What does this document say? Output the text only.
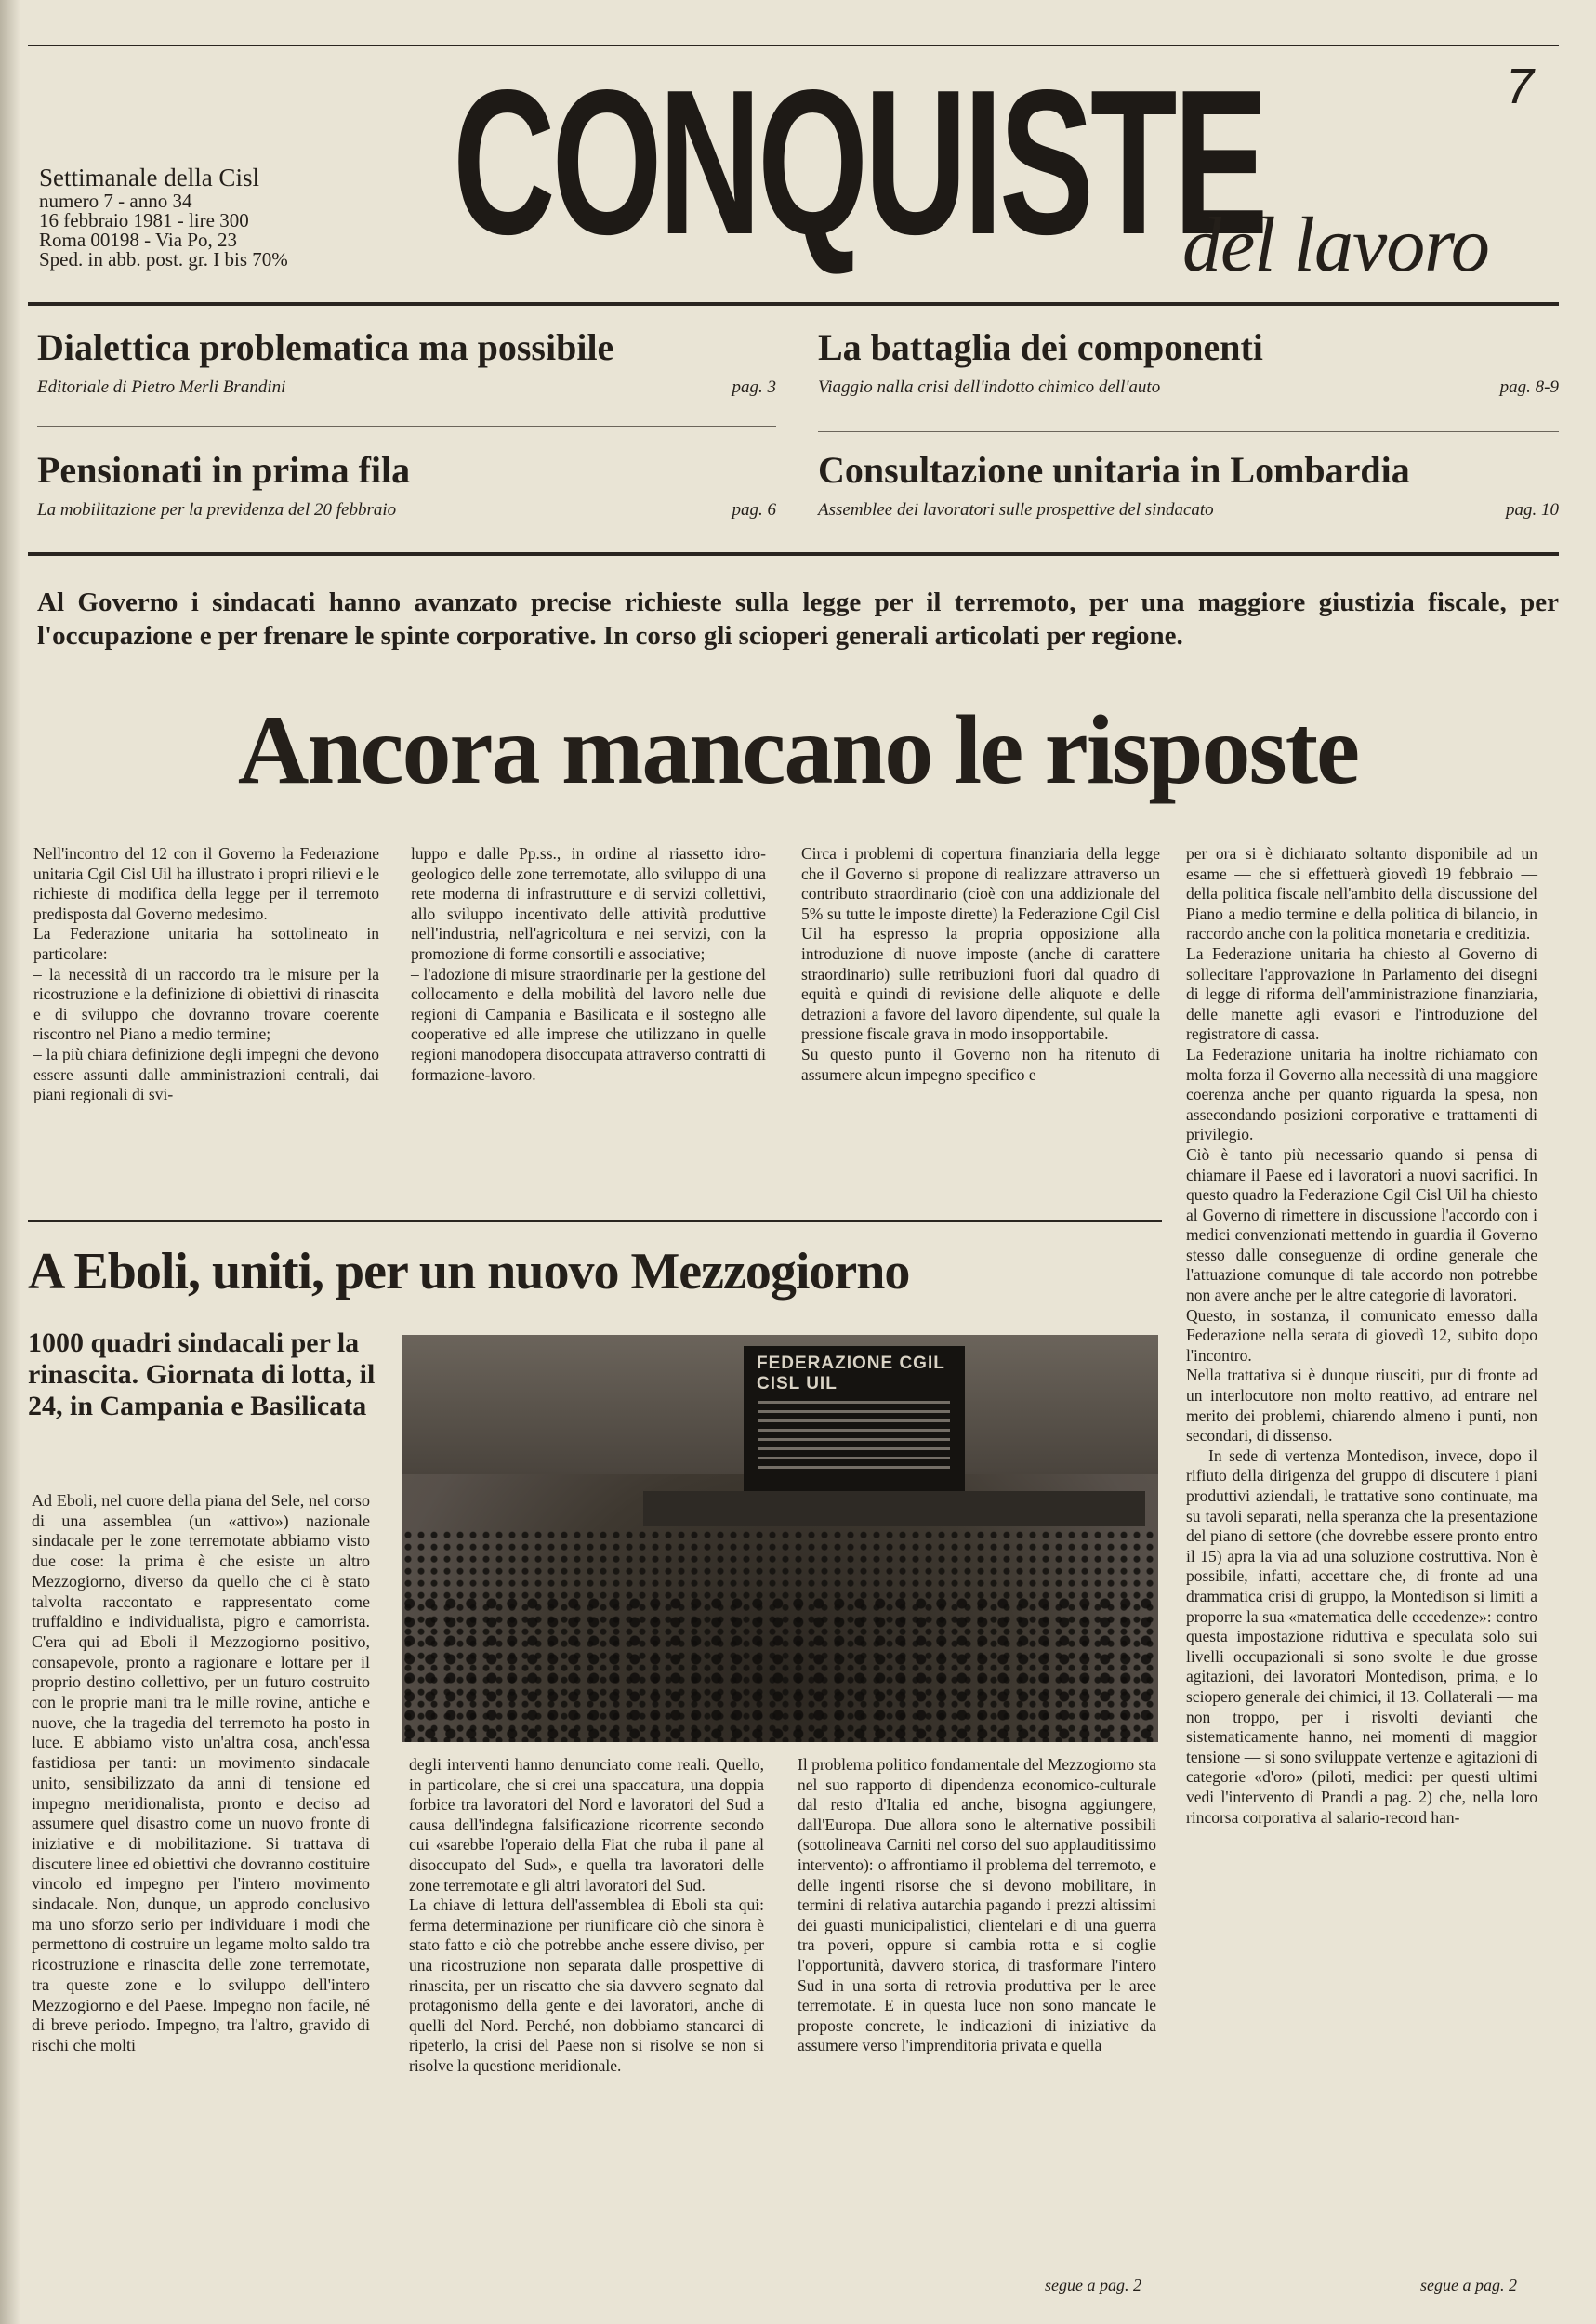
Settimanale della Cisl
numero 7 - anno 34
16 febbraio 1981 - lire 300
Roma 00198 - Via Po, 23
Sped. in abb. post. gr. I bis 70% CONQUISTE
del lavoro
7
Dialettica problematica ma possibile
Editoriale di Pietro Merli Brandini	pag. 3
La battaglia dei componenti
Viaggio nalla crisi dell'indotto chimico dell'auto	pag. 8-9
Pensionati in prima fila
La mobilitazione per la previdenza del 20 febbraio	pag. 6
Consultazione unitaria in Lombardia
Assemblee dei lavoratori sulle prospettive del sindacato	pag. 10
Al Governo i sindacati hanno avanzato precise richieste sulla legge per il terremoto, per una maggiore giustizia fiscale, per l'occupazione e per frenare le spinte corporative. In corso gli scioperi generali articolati per regione.
Ancora mancano le risposte

Nell'incontro del 12 con il Governo la Federazione unitaria Cgil Cisl Uil ha illustrato i propri rilievi e le richieste di modifica della legge per il terremoto predisposta dal Governo medesimo.

La Federazione unitaria ha sottolineato in particolare:

– la necessità di un raccordo tra le misure per la ricostruzione e la definizione di obiettivi di rinascita e di sviluppo che dovranno trovare coerente riscontro nel Piano a medio termine;

– la più chiara definizione degli impegni che devono essere assunti dalle amministrazioni centrali, dai piani regionali di svi-

luppo e dalle Pp.ss., in ordine al riassetto idro-geologico delle zone terremotate, allo sviluppo di una rete moderna di infrastrutture e di servizi collettivi, allo sviluppo incentivato delle attività produttive nell'industria, nell'agricoltura e nei servizi, con la promozione di forme consortili e associative;

– l'adozione di misure straordinarie per la gestione del collocamento e della mobilità del lavoro nelle due regioni di Campania e Basilicata e il sostegno alle cooperative ed alle imprese che utilizzano in quelle regioni manodopera disoccupata attraverso contratti di formazione-lavoro.

Circa i problemi di copertura finanziaria della legge che il Governo si propone di realizzare attraverso un contributo straordinario (cioè con una addizionale del 5% su tutte le imposte dirette) la Federazione Cgil Cisl Uil ha espresso la propria opposizione alla introduzione di nuove imposte (anche di carattere straordinario) sulle retribuzioni fuori dal quadro di equità e quindi di revisione delle aliquote e delle detrazioni a favore del lavoro dipendente, sul quale la pressione fiscale grava in modo insopportabile.

Su questo punto il Governo non ha ritenuto di assumere alcun impegno specifico e

per ora si è dichiarato soltanto disponibile ad un esame — che si effettuerà giovedì 19 febbraio — della politica fiscale nell'ambito della discussione del Piano a medio termine e della politica di bilancio, in raccordo anche con la politica monetaria e creditizia.

La Federazione unitaria ha chiesto al Governo di sollecitare l'approvazione in Parlamento dei disegni di legge di riforma dell'amministrazione finanziaria, delle manette agli evasori e l'introduzione del registratore di cassa.

La Federazione unitaria ha inoltre richiamato con molta forza il Governo alla necessità di una maggiore coerenza anche per quanto riguarda la spesa, non assecondando posizioni corporative e trattamenti di privilegio.

Ciò è tanto più necessario quando si pensa di chiamare il Paese ed i lavoratori a nuovi sacrifici. In questo quadro la Federazione Cgil Cisl Uil ha chiesto al Governo di rimettere in discussione l'accordo con i medici convenzionati mettendo in guardia il Governo stesso dalle conseguenze di ordine generale che l'attuazione comunque di tale accordo non potrebbe non avere anche per le altre categorie di lavoratori.

Questo, in sostanza, il comunicato emesso dalla Federazione nella serata di giovedì 12, subito dopo l'incontro.

Nella trattativa si è dunque riusciti, pur di fronte ad un interlocutore non molto reattivo, ad entrare nel merito dei problemi, chiarendo almeno i punti, non secondari, di dissenso.

In sede di vertenza Montedison, invece, dopo il rifiuto della dirigenza del gruppo di discutere i piani produttivi aziendali, le trattative sono continuate, ma su tavoli separati, nella speranza che la presentazione del piano di settore (che dovrebbe essere pronto entro il 15) apra la via ad una soluzione costruttiva. Non è possibile, infatti, accettare che, di fronte ad una drammatica crisi di gruppo, la Montedison si limiti a proporre la sua «matematica delle eccedenze»: contro questa impostazione riduttiva e speculata solo sui livelli occupazionali si sono svolte le due grosse agitazioni, dei lavoratori Montedison, prima, e lo sciopero generale dei chimici, il 13. Collaterali — ma non troppo, per i risvolti devianti che sistematicamente hanno, nei momenti di maggior tensione — si sono sviluppate vertenze e agitazioni di categorie «d'oro» (piloti, medici: per questi ultimi vedi l'intervento di Prandi a pag. 2) che, nella loro rincorsa corporativa al salario-record han-

segue a pag. 2
A Eboli, uniti, per un nuovo Mezzogiorno
1000 quadri sindacali per la rinascita. Giornata di lotta, il 24, in Campania e Basilicata
FEDERAZIONE CGIL CISL UIL

Ad Eboli, nel cuore della piana del Sele, nel corso di una assemblea (un «attivo») nazionale sindacale per le zone terremotate abbiamo visto due cose: la prima è che esiste un altro Mezzogiorno, diverso da quello che ci è stato talvolta raccontato e rappresentato come truffaldino e individualista, pigro e camorrista. C'era qui ad Eboli il Mezzogiorno positivo, consapevole, pronto a ragionare e lottare per il proprio destino collettivo, per un futuro costruito con le proprie mani tra le mille rovine, antiche e nuove, che la tragedia del terremoto ha posto in luce. E abbiamo visto un'altra cosa, anch'essa fastidiosa per tanti: un movimento sindacale unito, sensibilizzato da anni di tensione ed impegno meridionalista, pronto e deciso ad assumere quel disastro come un nuovo fronte di iniziative e di mobilitazione. Si trattava di discutere linee ed obiettivi che dovranno costituire vincolo ed impegno per l'intero movimento sindacale. Non, dunque, un approdo conclusivo ma uno sforzo serio per individuare i modi che permettono di costruire un legame molto saldo tra ricostruzione e rinascita delle zone terremotate, tra queste zone e lo sviluppo dell'intero Mezzogiorno e del Paese. Impegno non facile, né di breve periodo. Impegno, tra l'altro, gravido di rischi che molti

degli interventi hanno denunciato come reali. Quello, in particolare, che si crei una spaccatura, una doppia forbice tra lavoratori del Nord e lavoratori del Sud a causa dell'indegna falsificazione ricorrente secondo cui «sarebbe l'operaio della Fiat che ruba il pane al disoccupato del Sud», e quella tra lavoratori delle zone terremotate e gli altri lavoratori del Sud.

La chiave di lettura dell'assemblea di Eboli sta qui: ferma determinazione per riunificare ciò che sinora è stato fatto e ciò che potrebbe anche essere diviso, per una ricostruzione non separata dalle prospettive di rinascita, per un riscatto che sia davvero segnato dal protagonismo della gente e dei lavoratori, anche di quelli del Nord. Perché, non dobbiamo stancarci di ripeterlo, la crisi del Paese non si risolve se non si risolve la questione meridionale.

Il problema politico fondamentale del Mezzogiorno sta nel suo rapporto di dipendenza economico-culturale dal resto d'Italia ed anche, bisogna aggiungere, dall'Europa. Due allora sono le alternative possibili (sottolineava Carniti nel corso del suo applauditissimo intervento): o affrontiamo il problema del terremoto, e delle ingenti risorse che si devono mobilitare, in termini di relativa autarchia pagando i prezzi altissimi dei guasti municipalistici, clientelari e di una guerra tra poveri, oppure si cambia rotta e si coglie l'opportunità, davvero storica, di trasformare l'intero Sud in una sorta di retrovia produttiva per le aree terremotate. E in questa luce non sono mancate le proposte concrete, le indicazioni di iniziative da assumere verso l'imprenditoria privata e quella

segue a pag. 2
